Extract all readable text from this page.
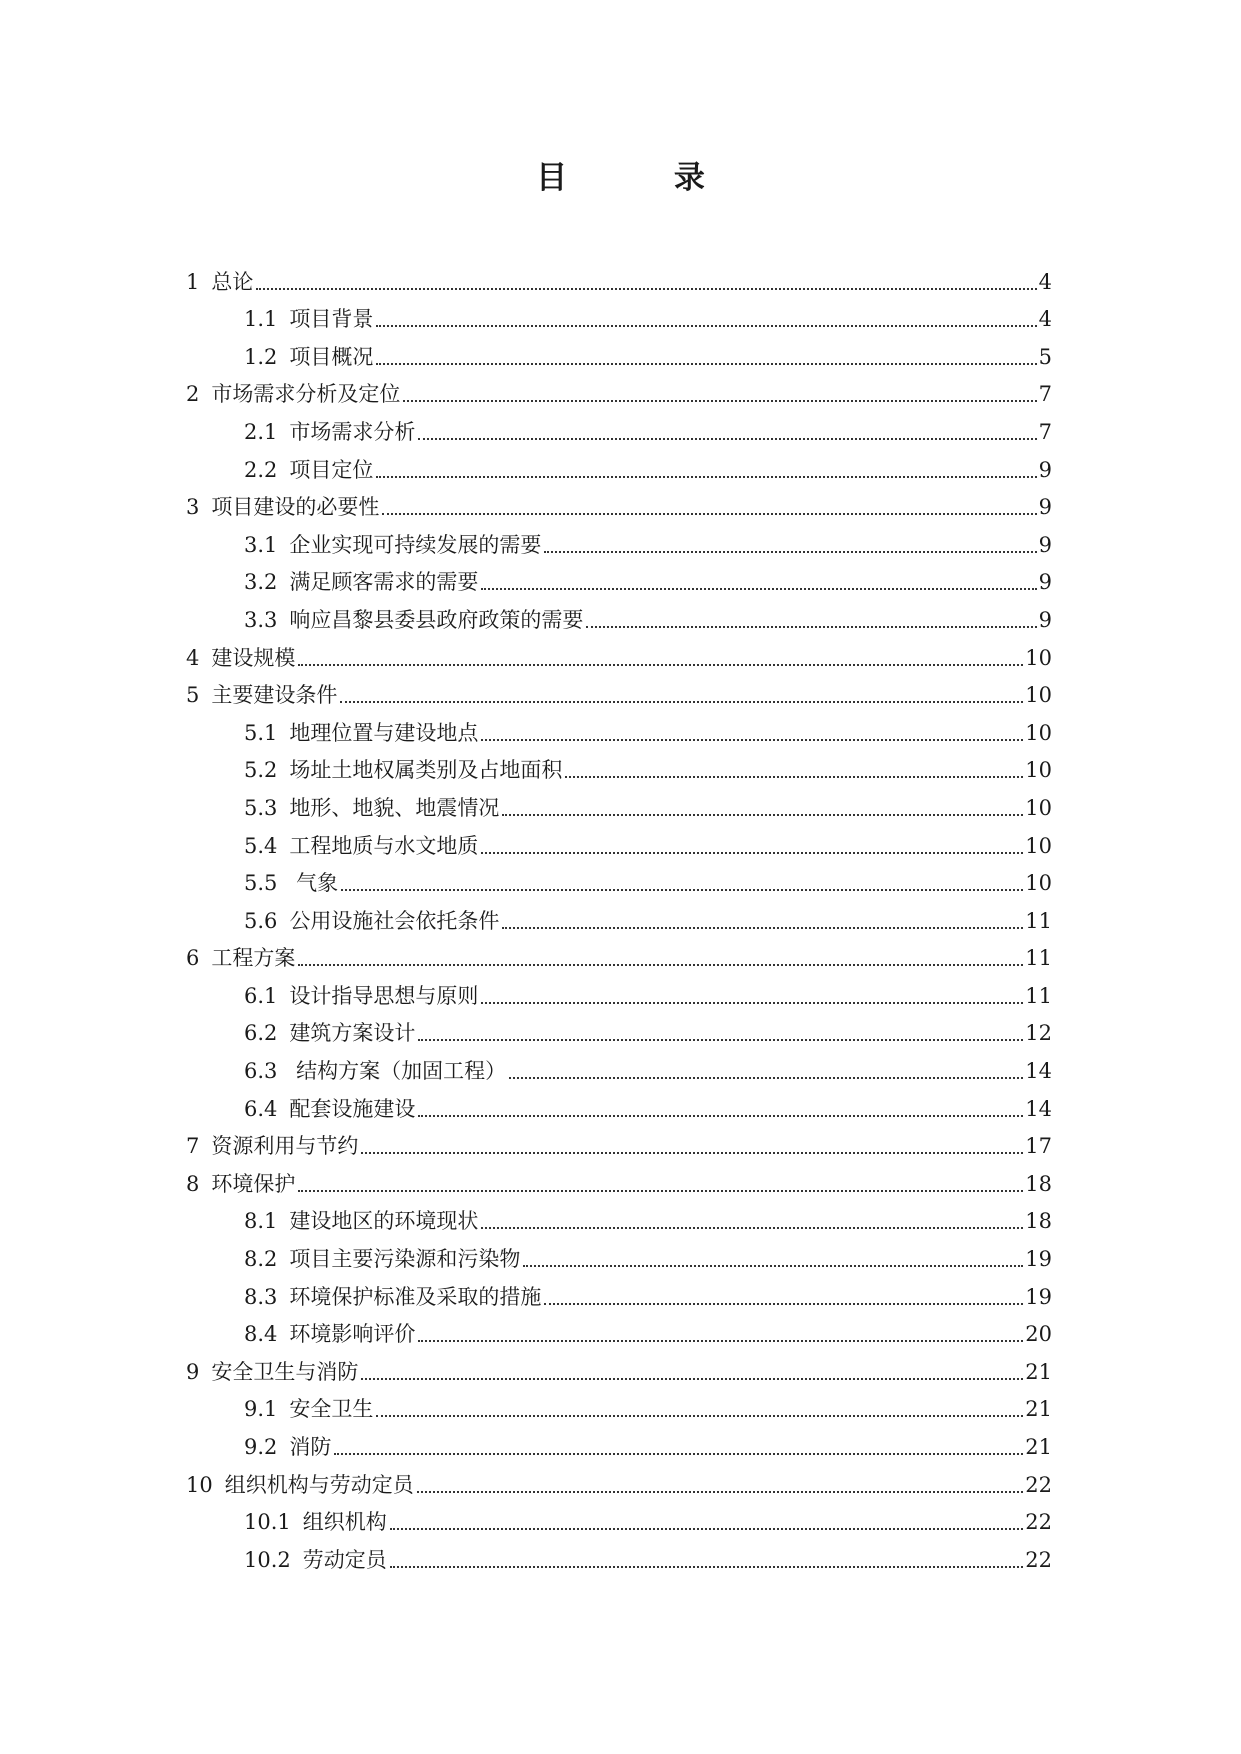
目 录
1 总论	4
1.1 项目背景	4
1.2 项目概况	5
2 市场需求分析及定位	7
2.1 市场需求分析	7
2.2 项目定位	9
3 项目建设的必要性	9
3.1 企业实现可持续发展的需要	9
3.2 满足顾客需求的需要	9
3.3 响应昌黎县委县政府政策的需要	9
4 建设规模	10
5 主要建设条件	10
5.1 地理位置与建设地点	10
5.2 场址土地权属类别及占地面积	10
5.3 地形、地貌、地震情况	10
5.4 工程地质与水文地质	10
5.5 气象	10
5.6 公用设施社会依托条件	11
6 工程方案	11
6.1 设计指导思想与原则	11
6.2 建筑方案设计	12
6.3 结构方案（加固工程）	14
6.4 配套设施建设	14
7 资源利用与节约	17
8 环境保护	18
8.1 建设地区的环境现状	18
8.2 项目主要污染源和污染物	19
8.3 环境保护标准及采取的措施	19
8.4 环境影响评价	20
9 安全卫生与消防	21
9.1 安全卫生	21
9.2 消防	21
10 组织机构与劳动定员	22
10.1 组织机构	22
10.2 劳动定员	22
